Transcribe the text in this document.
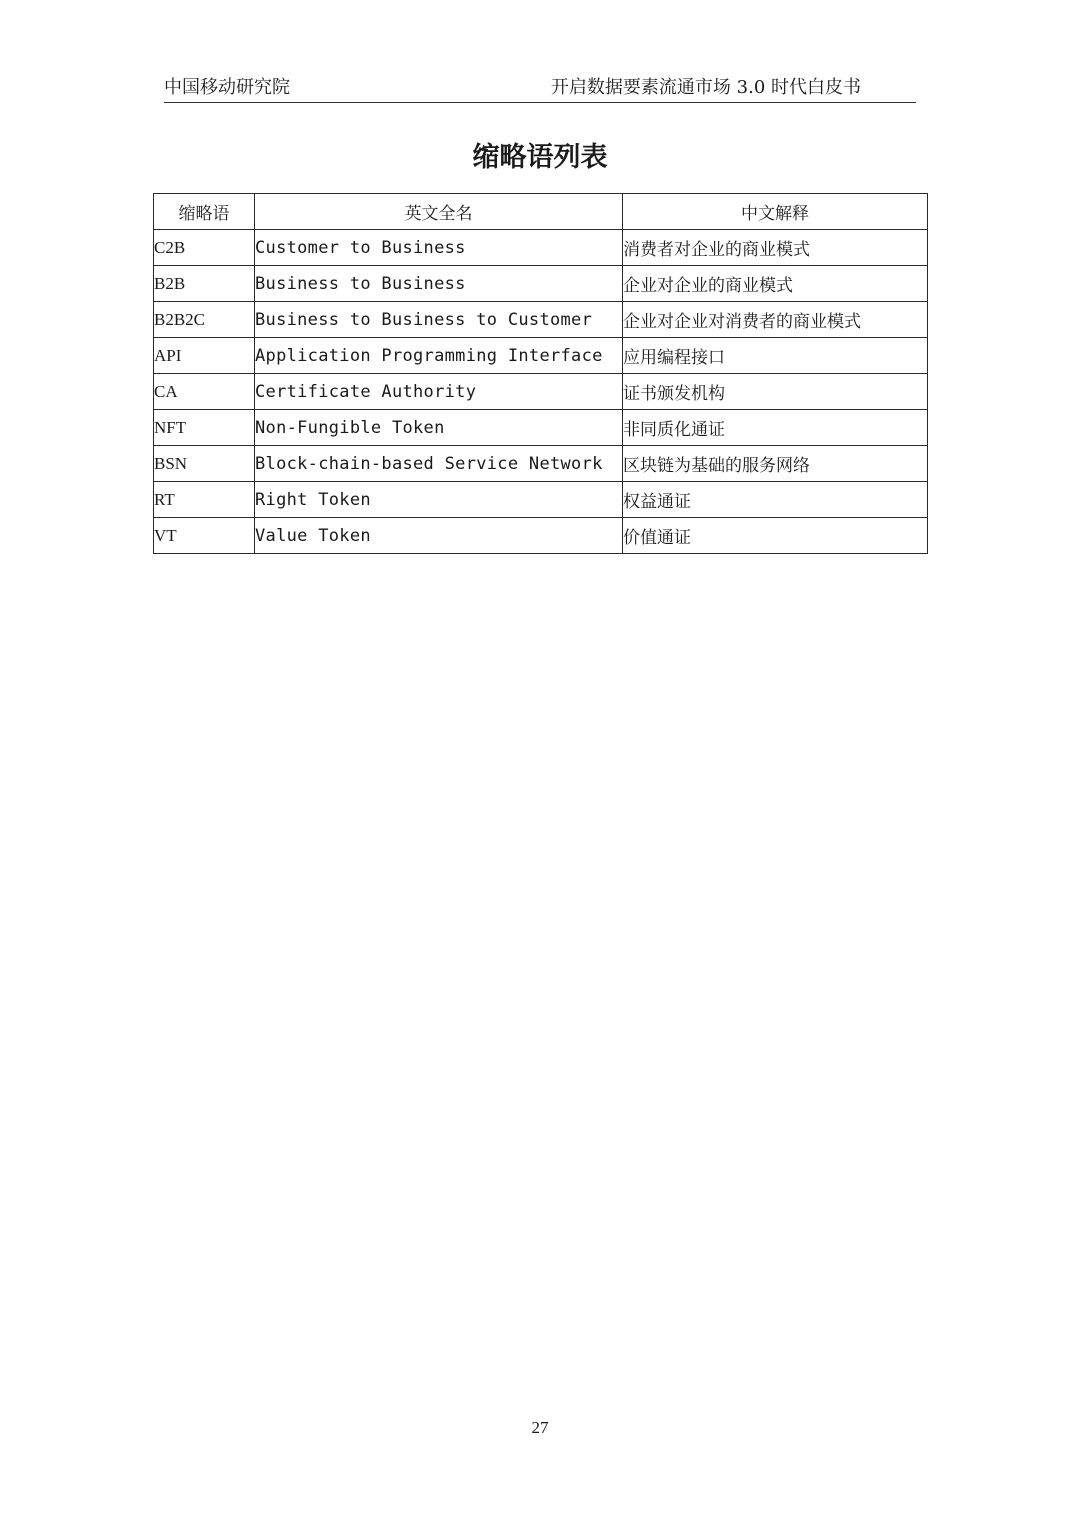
中国移动研究院	开启数据要素流通市场 3.0 时代白皮书
缩略语列表
缩略语	英文全名	中文解释
C2B	Customer to Business	消费者对企业的商业模式
B2B	Business to Business	企业对企业的商业模式
B2B2C	Business to Business to Customer	企业对企业对消费者的商业模式
API	Application Programming Interface	应用编程接口
CA	Certificate Authority	证书颁发机构
NFT	Non-Fungible Token	非同质化通证
BSN	Block-chain-based Service Network	区块链为基础的服务网络
RT	Right Token	权益通证
VT	Value Token	价值通证
27
